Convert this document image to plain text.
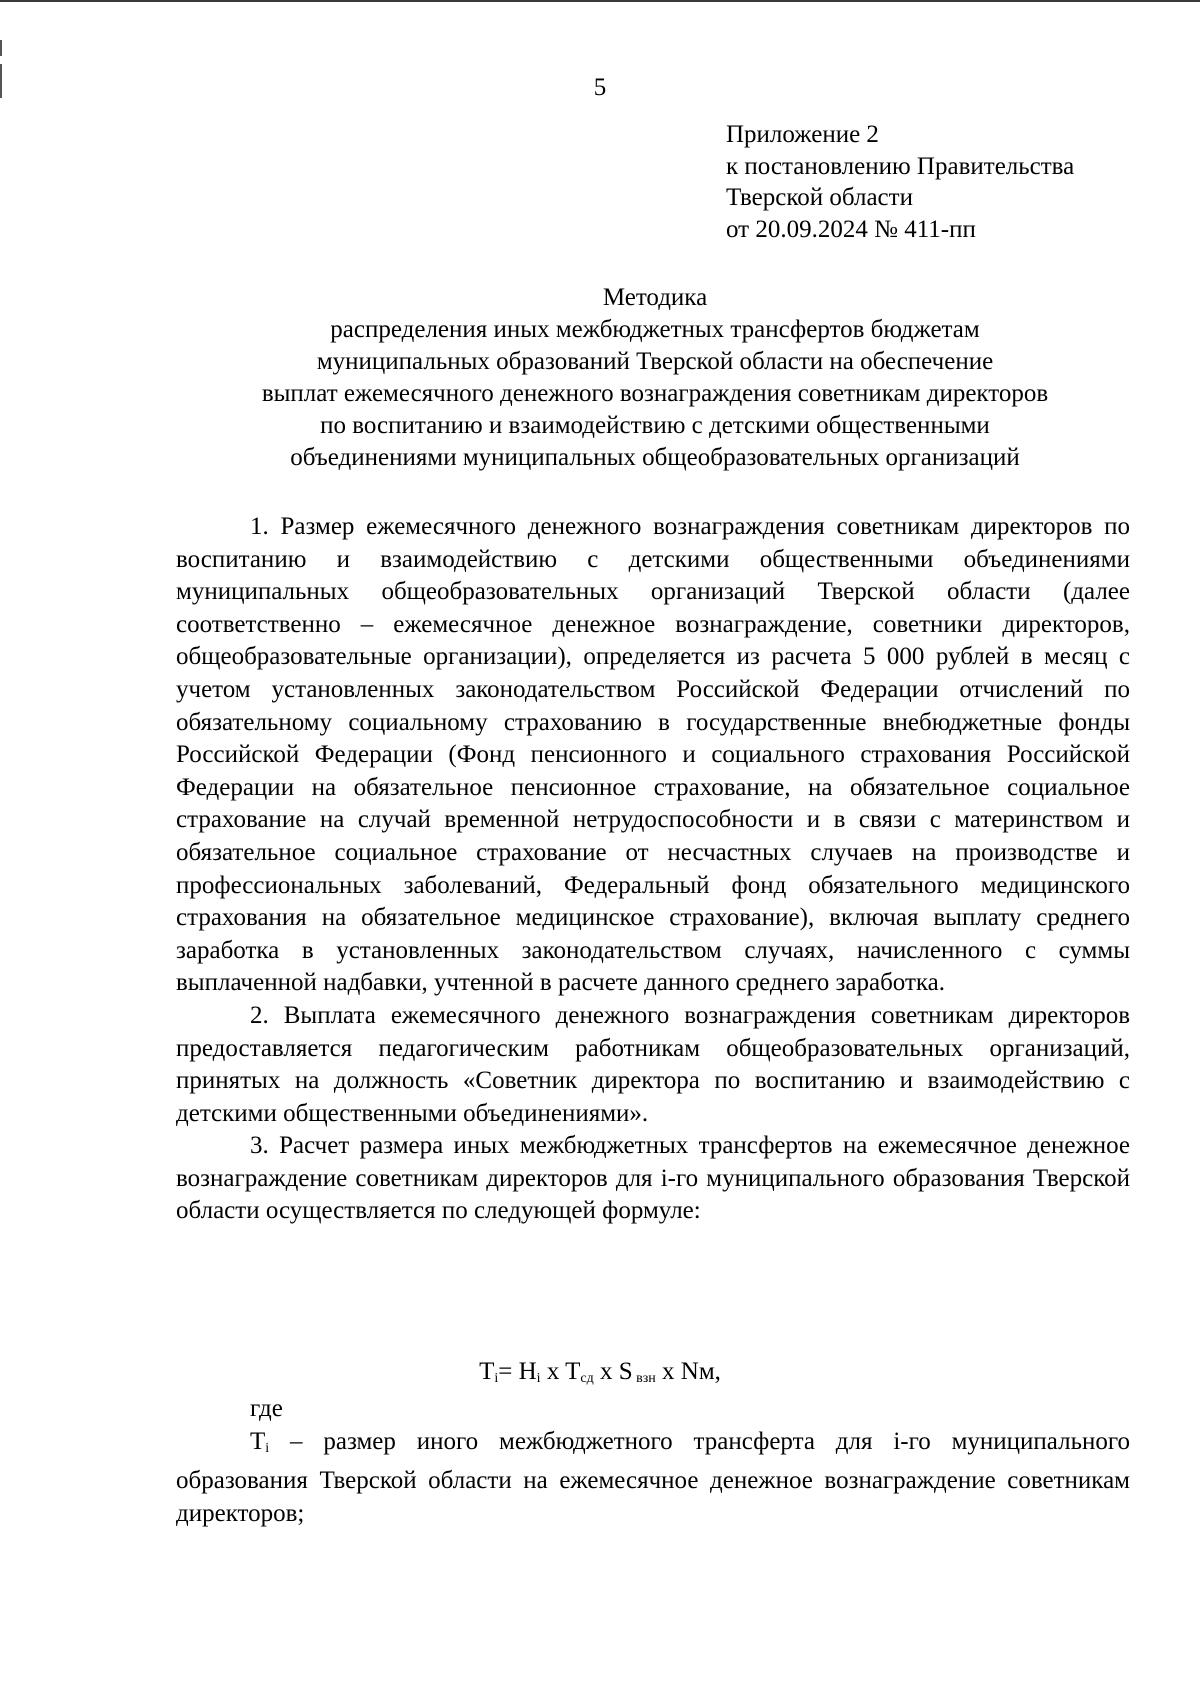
5
Приложение 2
к постановлению Правительства
Тверской области
от 20.09.2024 № 411-пп
Методика
распределения иных межбюджетных трансфертов бюджетам
муниципальных образований Тверской области на обеспечение
выплат ежемесячного денежного вознаграждения советникам директоров
по воспитанию и взаимодействию с детскими общественными
объединениями муниципальных общеобразовательных организаций

1. Размер ежемесячного денежного вознаграждения советникам директоров по воспитанию и взаимодействию с детскими общественными объединениями муниципальных общеобразовательных организаций Тверской области (далее соответственно – ежемесячное денежное вознаграждение, советники директоров, общеобразовательные организации), определяется из расчета 5 000 рублей в месяц с учетом установленных законодательством Российской Федерации отчислений по обязательному социальному страхованию в государственные внебюджетные фонды Российской Федерации (Фонд пенсионного и социального страхования Российской Федерации на обязательное пенсионное страхование, на обязательное социальное страхование на случай временной нетрудоспособности и в связи с материнством и обязательное социальное страхование от несчастных случаев на производстве и профессиональных заболеваний, Федеральный фонд обязательного медицинского страхования на обязательное медицинское страхование), включая выплату среднего заработка в установленных законодательством случаях, начисленного с суммы выплаченной надбавки, учтенной в расчете данного среднего заработка.

2. Выплата ежемесячного денежного вознаграждения советникам директоров предоставляется педагогическим работникам общеобразовательных организаций, принятых на должность «Советник директора по воспитанию и взаимодействию с детскими общественными объединениями».

3. Расчет размера иных межбюджетных трансфертов на ежемесячное денежное вознаграждение советникам директоров для i-го муниципального образования Тверской области осуществляется по следующей формуле:

$T_i= H_i$ x $T_{сд}$ x S $_{взн}$ x Nм,

где

$T_i$ – размер иного межбюджетного трансферта для i-го муниципального образования Тверской области на ежемесячное денежное вознаграждение советникам директоров;
